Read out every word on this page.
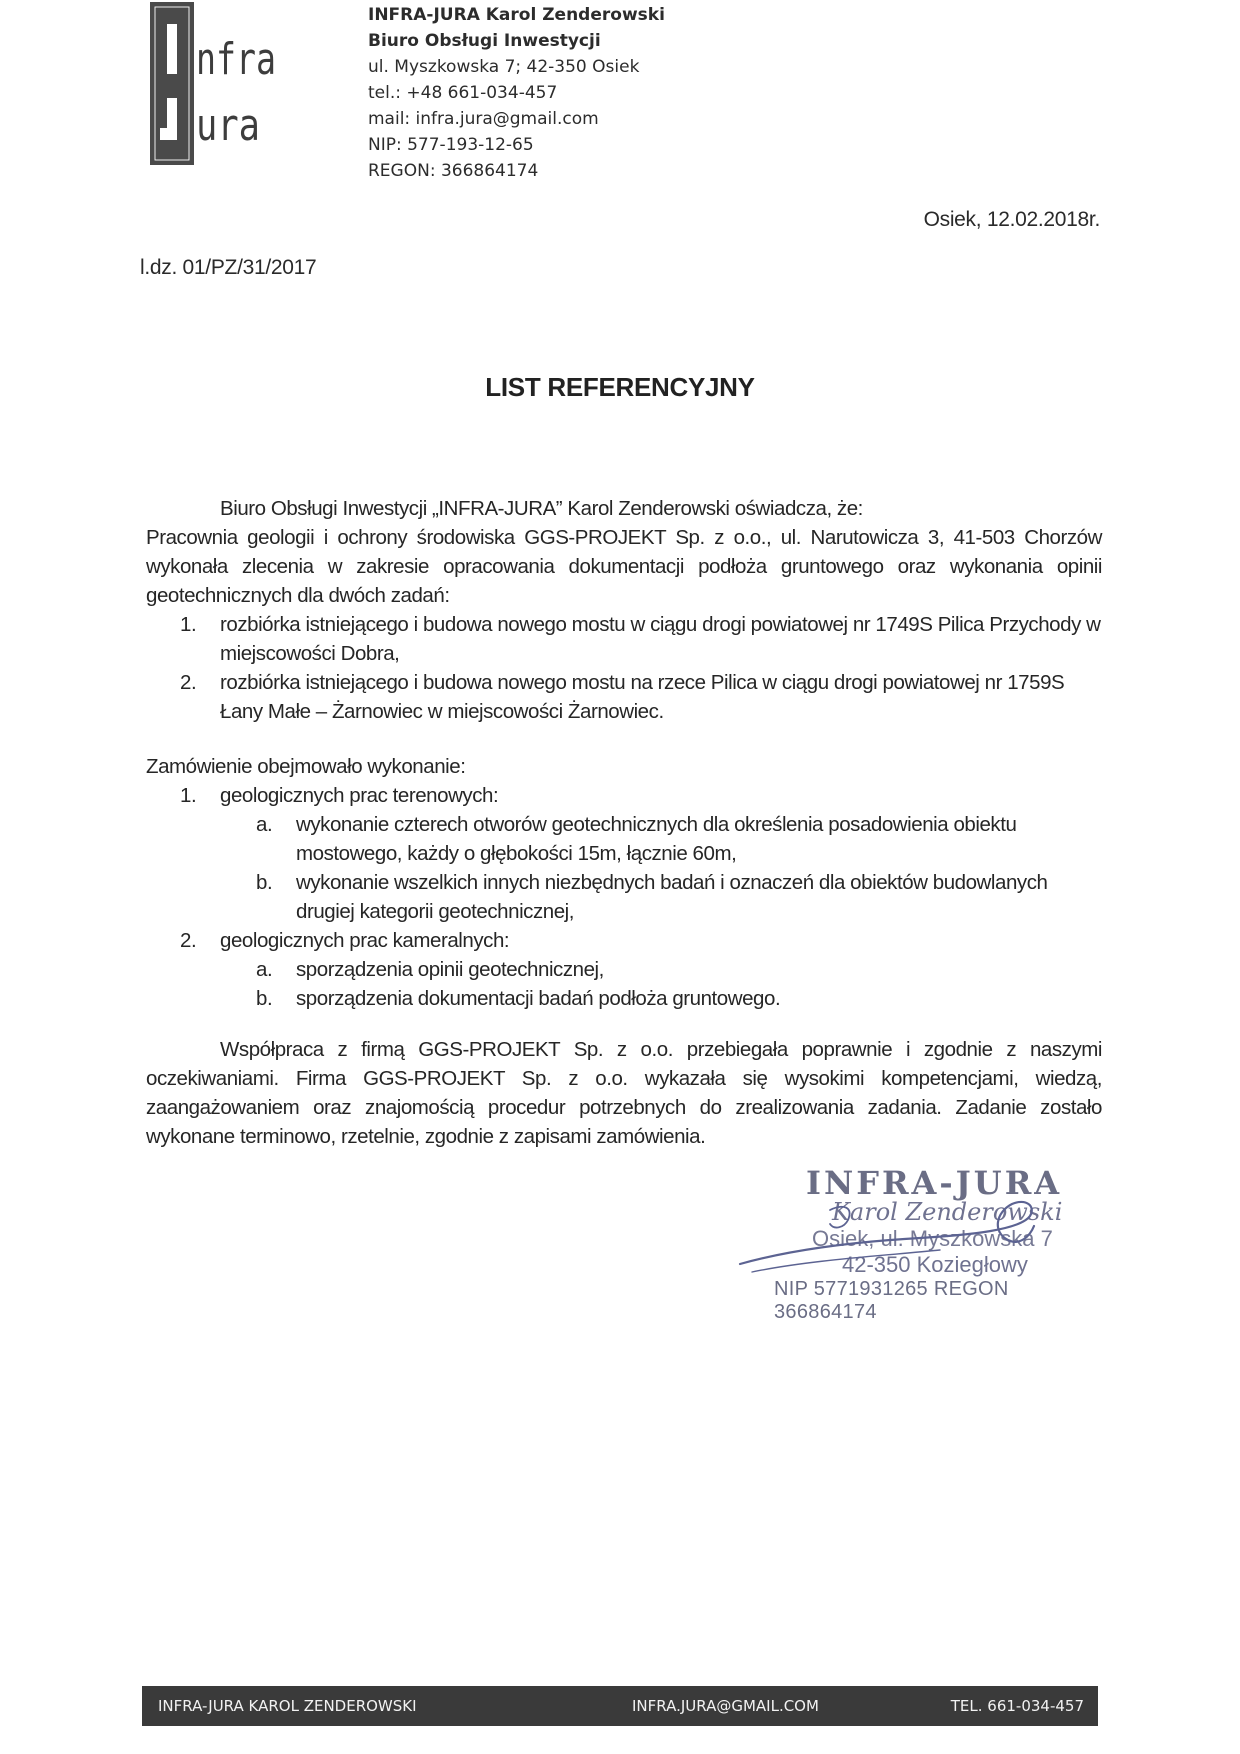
nfra
ura
INFRA-JURA Karol Zenderowski
Biuro Obsługi Inwestycji
ul. Myszkowska 7; 42-350 Osiek
tel.: +48 661-034-457
mail: infra.jura@gmail.com
NIP: 577-193-12-65
REGON: 366864174
Osiek, 12.02.2018r.
l.dz. 01/PZ/31/2017
LIST REFERENCYJNY

Biuro Obsługi Inwestycji „INFRA-JURA” Karol Zenderowski oświadcza, że:

Pracownia geologii i ochrony środowiska GGS-PROJEKT Sp. z o.o., ul. Narutowicza 3, 41-503 Chorzów wykonała zlecenia w zakresie opracowania dokumentacji podłoża gruntowego oraz wykonania opinii geotechnicznych dla dwóch zadań:

1. rozbiórka istniejącego i budowa nowego mostu w ciągu drogi powiatowej nr 1749S Pilica Przychody w miejscowości Dobra,
2. rozbiórka istniejącego i budowa nowego mostu na rzece Pilica w ciągu drogi powiatowej nr 1759S Łany Małe – Żarnowiec w miejscowości Żarnowiec.

Zamówienie obejmowało wykonanie:

1. geologicznych prac terenowych:
a. wykonanie czterech otworów geotechnicznych dla określenia posadowienia obiektu mostowego, każdy o głębokości 15m, łącznie 60m,
b. wykonanie wszelkich innych niezbędnych badań i oznaczeń dla obiektów budowlanych drugiej kategorii geotechnicznej,
2. geologicznych prac kameralnych:
a. sporządzenia opinii geotechnicznej,
b. sporządzenia dokumentacji badań podłoża gruntowego.

Współpraca z firmą GGS-PROJEKT Sp. z o.o. przebiegała poprawnie i zgodnie z naszymi oczekiwaniami. Firma GGS-PROJEKT Sp. z o.o. wykazała się wysokimi kompetencjami, wiedzą, zaangażowaniem oraz znajomością procedur potrzebnych do zrealizowania zadania. Zadanie zostało wykonane terminowo, rzetelnie, zgodnie z zapisami zamówienia.

INFRA-JURA
Karol Zenderowski
Osiek, ul. Myszkowska 7
42-350 Koziegłowy
NIP 5771931265 REGON 366864174
INFRA-JURA KAROL ZENDEROWSKI	INFRA.JURA@GMAIL.COM	TEL. 661-034-457
